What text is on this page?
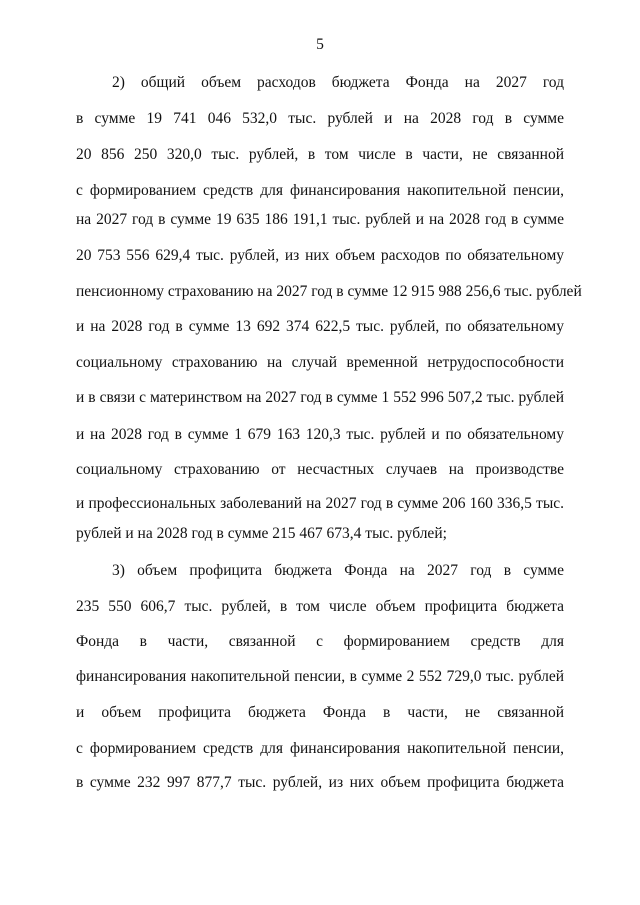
5
2) общий объем расходов бюджета Фонда на 2027 год
в сумме 19 741 046 532,0 тыс. рублей и на 2028 год в сумме
20 856 250 320,0 тыс. рублей, в том числе в части, не связанной
с формированием средств для финансирования накопительной пенсии,
на 2027 год в сумме 19 635 186 191,1 тыс. рублей и на 2028 год в сумме
20 753 556 629,4 тыс. рублей, из них объем расходов по обязательному
пенсионному страхованию на 2027 год в сумме 12 915 988 256,6 тыс. рублей
и на 2028 год в сумме 13 692 374 622,5 тыс. рублей, по обязательному
социальному страхованию на случай временной нетрудоспособности
и в связи с материнством на 2027 год в сумме 1 552 996 507,2 тыс. рублей
и на 2028 год в сумме 1 679 163 120,3 тыс. рублей и по обязательному
социальному страхованию от несчастных случаев на производстве
и профессиональных заболеваний на 2027 год в сумме 206 160 336,5 тыс.
рублей и на 2028 год в сумме 215 467 673,4 тыс. рублей;
3) объем профицита бюджета Фонда на 2027 год в сумме
235 550 606,7 тыс. рублей, в том числе объем профицита бюджета
Фонда в части, связанной с формированием средств для
финансирования накопительной пенсии, в сумме 2 552 729,0 тыс. рублей
и объем профицита бюджета Фонда в части, не связанной
с формированием средств для финансирования накопительной пенсии,
в сумме 232 997 877,7 тыс. рублей, из них объем профицита бюджета
